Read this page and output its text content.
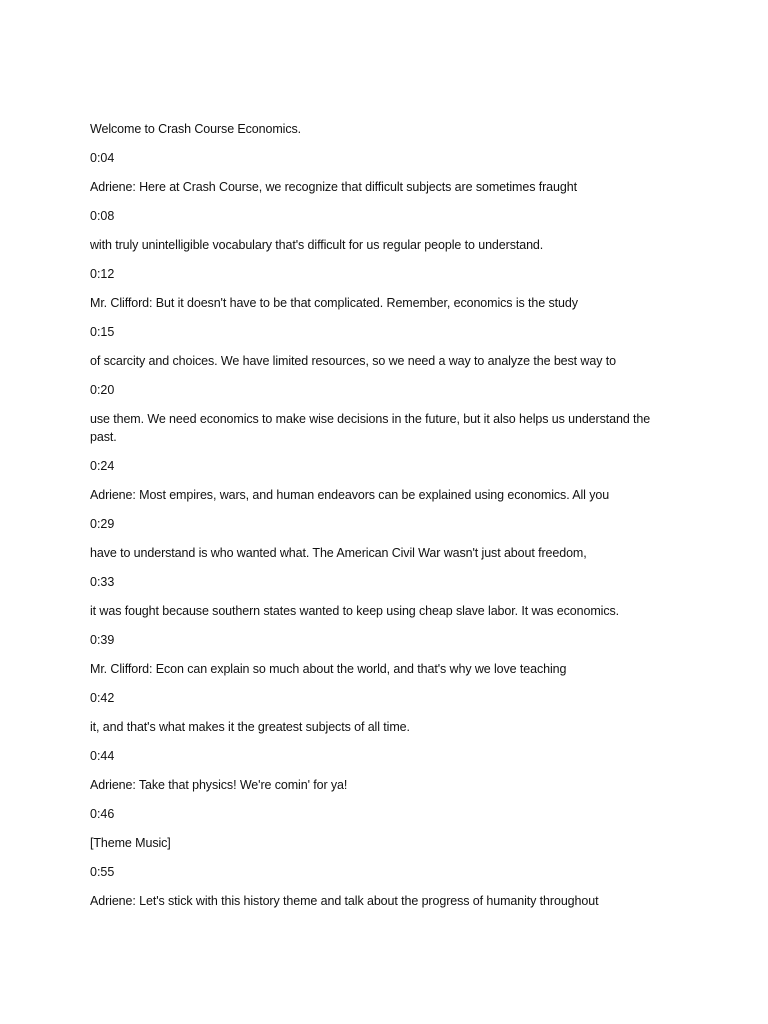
Welcome to Crash Course Economics.

0:04

Adriene: Here at Crash Course, we recognize that difficult subjects are sometimes fraught

0:08

with truly unintelligible vocabulary that's difficult for us regular people to understand.

0:12

Mr. Clifford: But it doesn't have to be that complicated. Remember, economics is the study

0:15

of scarcity and choices. We have limited resources, so we need a way to analyze the best way to

0:20

use them. We need economics to make wise decisions in the future, but it also helps us understand the past.

0:24

Adriene: Most empires, wars, and human endeavors can be explained using economics. All you

0:29

have to understand is who wanted what. The American Civil War wasn't just about freedom,

0:33

it was fought because southern states wanted to keep using cheap slave labor. It was economics.

0:39

Mr. Clifford: Econ can explain so much about the world, and that's why we love teaching

0:42

it, and that's what makes it the greatest subjects of all time.

0:44

Adriene: Take that physics! We're comin' for ya!

0:46

[Theme Music]

0:55

Adriene: Let's stick with this history theme and talk about the progress of humanity throughout
